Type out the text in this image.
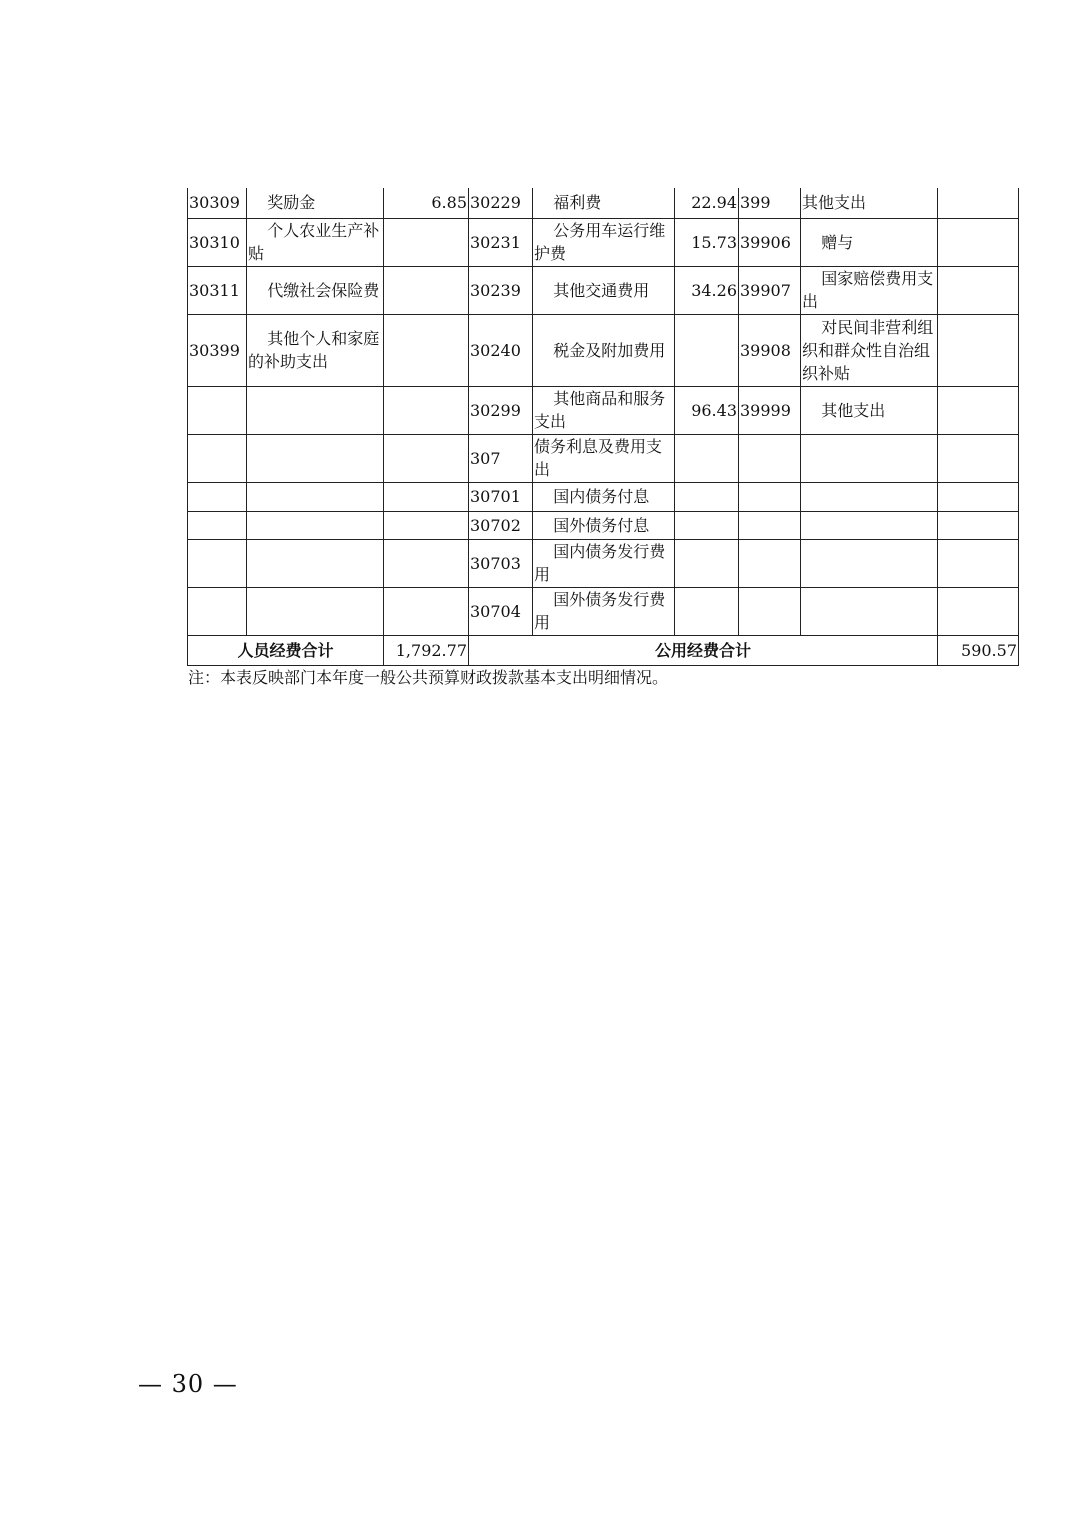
30309	奖励金	6.85	30229	福利费	22.94	399	其他支出	
30310	个人农业生产补贴		30231	公务用车运行维护费	15.73	39906	赠与	
30311	代缴社会保险费		30239	其他交通费用	34.26	39907	国家赔偿费用支出	
30399	其他个人和家庭的补助支出		30240	税金及附加费用		39908	对民间非营利组织和群众性自治组织补贴	
			30299	其他商品和服务支出	96.43	39999	其他支出	
			307	债务利息及费用支出				
			30701	国内债务付息				
			30702	国外债务付息				
			30703	国内债务发行费用				
			30704	国外债务发行费用				
人员经费合计		1,792.77	公用经费合计					590.57
注：本表反映部门本年度一般公共预算财政拨款基本支出明细情况。
— 30 —
